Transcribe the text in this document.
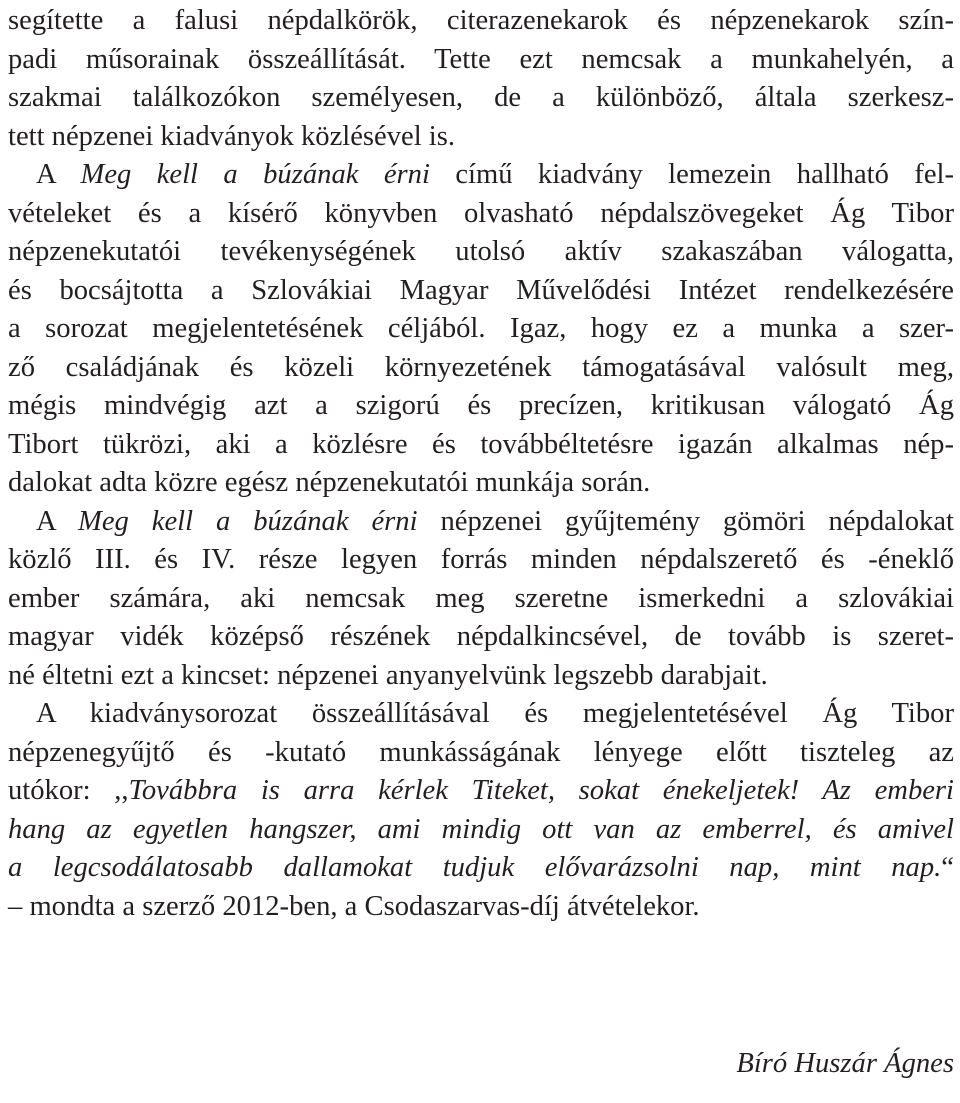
segítette a falusi népdalkörök, citerazenekarok és népzenekarok szín-
padi műsorainak összeállítását. Tette ezt nemcsak a munkahelyén, a
szakmai találkozókon személyesen, de a különböző, általa szerkesz-
tett népzenei kiadványok közlésével is.
A Meg kell a búzának érni című kiadvány lemezein hallható fel-
vételeket és a kísérő könyvben olvasható népdalszövegeket Ág Tibor
népzenekutatói tevékenységének utolsó aktív szakaszában válogatta,
és bocsájtotta a Szlovákiai Magyar Művelődési Intézet rendelkezésére
a sorozat megjelentetésének céljából. Igaz, hogy ez a munka a szer-
ző családjának és közeli környezetének támogatásával valósult meg,
mégis mindvégig azt a szigorú és precízen, kritikusan válogató Ág
Tibort tükrözi, aki a közlésre és továbbéltetésre igazán alkalmas nép-
dalokat adta közre egész népzenekutatói munkája során.
A Meg kell a búzának érni népzenei gyűjtemény gömöri népdalokat
közlő III. és IV. része legyen forrás minden népdalszerető és -éneklő
ember számára, aki nemcsak meg szeretne ismerkedni a szlovákiai
magyar vidék középső részének népdalkincsével, de tovább is szeret-
né éltetni ezt a kincset: népzenei anyanyelvünk legszebb darabjait.
A kiadványsorozat összeállításával és megjelentetésével Ág Tibor
népzenegyűjtő és -kutató munkásságának lényege előtt tiszteleg az
utókor: ,,Továbbra is arra kérlek Titeket, sokat énekeljetek! Az emberi
hang az egyetlen hangszer, ami mindig ott van az emberrel, és amivel
a legcsodálatosabb dallamokat tudjuk elővarázsolni nap, mint nap.“
– mondta a szerző 2012-ben, a Csodaszarvas-díj átvételekor.
Bíró Huszár Ágnes
